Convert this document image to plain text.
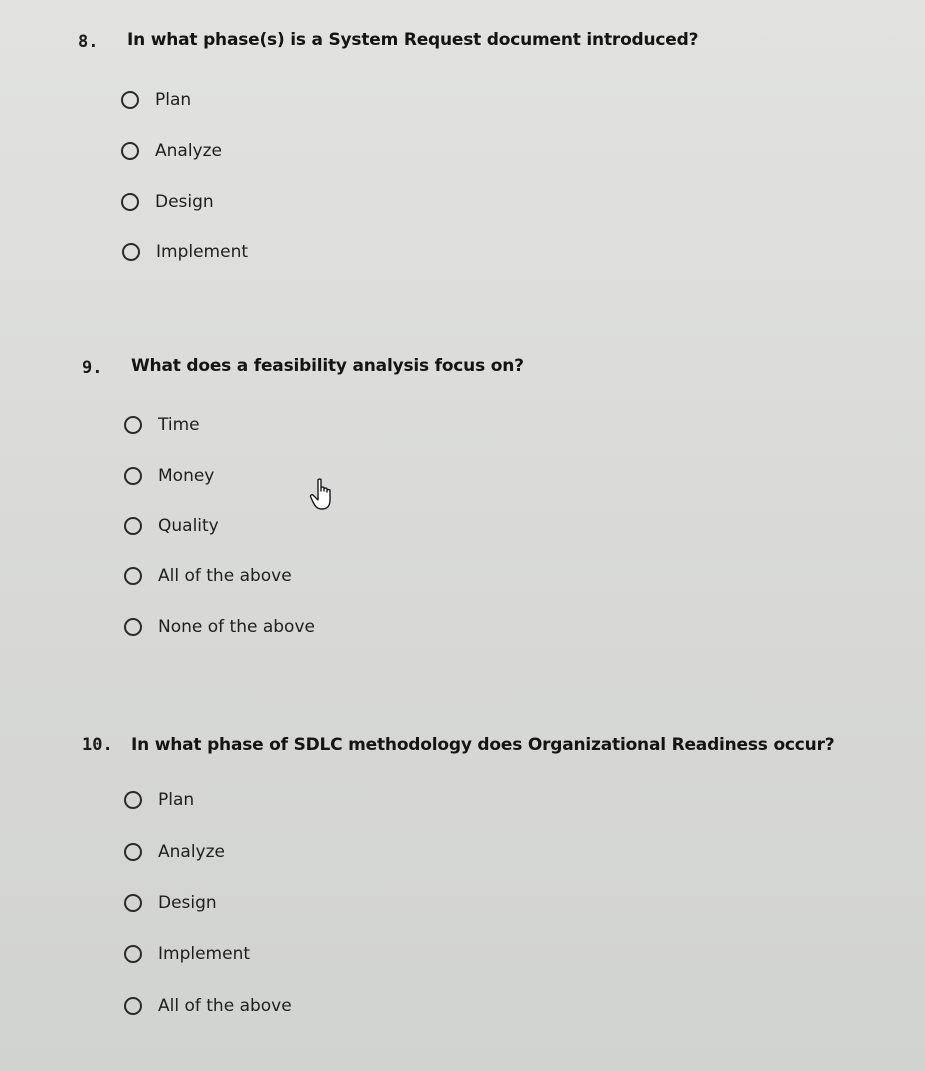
8. In what phase(s) is a System Request document introduced?
Plan
Analyze
Design
Implement
9. What does a feasibility analysis focus on?
Time
Money
Quality
All of the above
None of the above
10. In what phase of SDLC methodology does Organizational Readiness occur?
Plan
Analyze
Design
Implement
All of the above
